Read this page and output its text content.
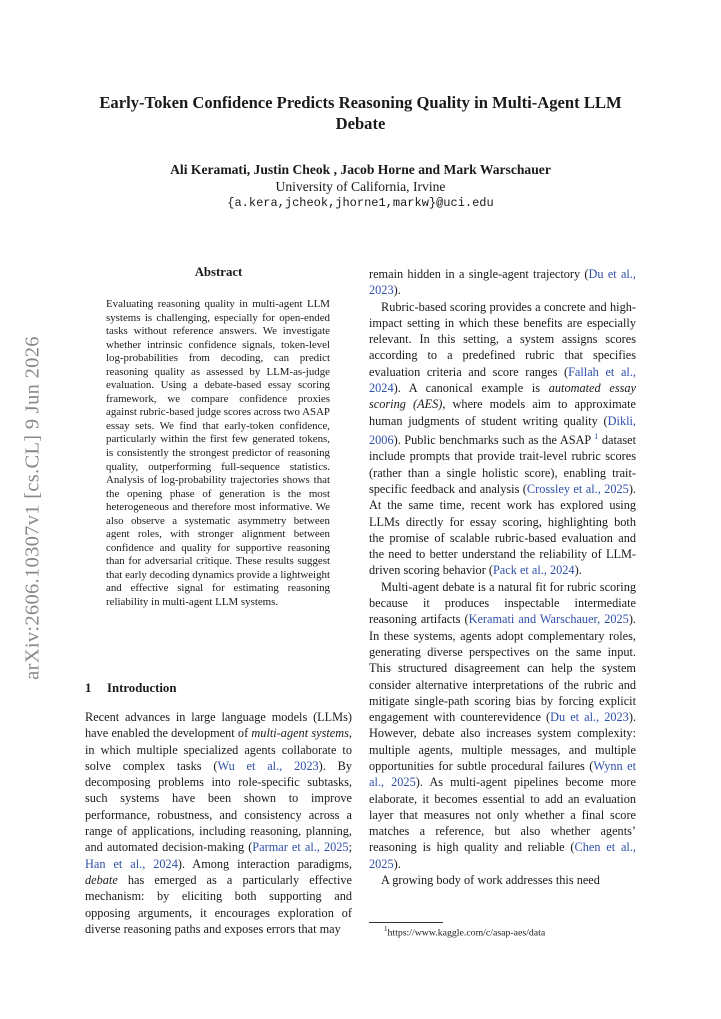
arXiv:2606.10307v1 [cs.CL] 9 Jun 2026
Early-Token Confidence Predicts Reasoning Quality in Multi-Agent LLM
Debate
Ali Keramati, Justin Cheok , Jacob Horne and Mark Warschauer
University of California, Irvine
{a.kera,jcheok,jhorne1,markw}@uci.edu
Abstract
Evaluating reasoning quality in multi-agent LLM systems is challenging, especially for open-ended tasks without reference answers. We investigate whether intrinsic confidence signals, token-level log-probabilities from decoding, can predict reasoning quality as assessed by LLM-as-judge evaluation. Using a debate-based essay scoring framework, we compare confidence proxies against rubric-based judge scores across two ASAP essay sets. We find that early-token confidence, particularly within the first few generated tokens, is consistently the strongest predictor of reasoning quality, outperforming full-sequence statistics. Analysis of log-probability trajectories shows that the opening phase of generation is the most heterogeneous and therefore most informative. We also observe a systematic asymmetry between agent roles, with stronger alignment between confidence and quality for supportive reasoning than for adversarial critique. These results suggest that early decoding dynamics provide a lightweight and effective signal for estimating reasoning reliability in multi-agent LLM systems.
1 Introduction

Recent advances in large language models (LLMs) have enabled the development of multi-agent systems, in which multiple specialized agents collaborate to solve complex tasks (Wu et al., 2023). By decomposing problems into role-specific subtasks, such systems have been shown to improve performance, robustness, and consistency across a range of applications, including reasoning, planning, and automated decision-making (Parmar et al., 2025; Han et al., 2024). Among interaction paradigms, debate has emerged as a particularly effective mechanism: by eliciting both supporting and opposing arguments, it encourages exploration of diverse reasoning paths and exposes errors that may

remain hidden in a single-agent trajectory (Du et al., 2023).

Rubric-based scoring provides a concrete and high-impact setting in which these benefits are especially relevant. In this setting, a system assigns scores according to a predefined rubric that specifies evaluation criteria and score ranges (Fallah et al., 2024). A canonical example is automated essay scoring (AES), where models aim to approximate human judgments of student writing quality (Dikli, 2006). Public benchmarks such as the ASAP $^1$ dataset include prompts that provide trait-level rubric scores (rather than a single holistic score), enabling trait-specific feedback and analysis (Crossley et al., 2025). At the same time, recent work has explored using LLMs directly for essay scoring, highlighting both the promise of scalable rubric-based evaluation and the need to better understand the reliability of LLM-driven scoring behavior (Pack et al., 2024).

Multi-agent debate is a natural fit for rubric scoring because it produces inspectable intermediate reasoning artifacts (Keramati and Warschauer, 2025). In these systems, agents adopt complementary roles, generating diverse perspectives on the same input. This structured disagreement can help the system consider alternative interpretations of the rubric and mitigate single-path scoring bias by forcing explicit engagement with counterevidence (Du et al., 2023). However, debate also increases system complexity: multiple agents, multiple messages, and multiple opportunities for subtle procedural failures (Wynn et al., 2025). As multi-agent pipelines become more elaborate, it becomes essential to add an evaluation layer that measures not only whether a final score matches a reference, but also whether agents’ reasoning is high quality and reliable (Chen et al., 2025).

A growing body of work addresses this need

$^1$https://www.kaggle.com/c/asap-aes/data
